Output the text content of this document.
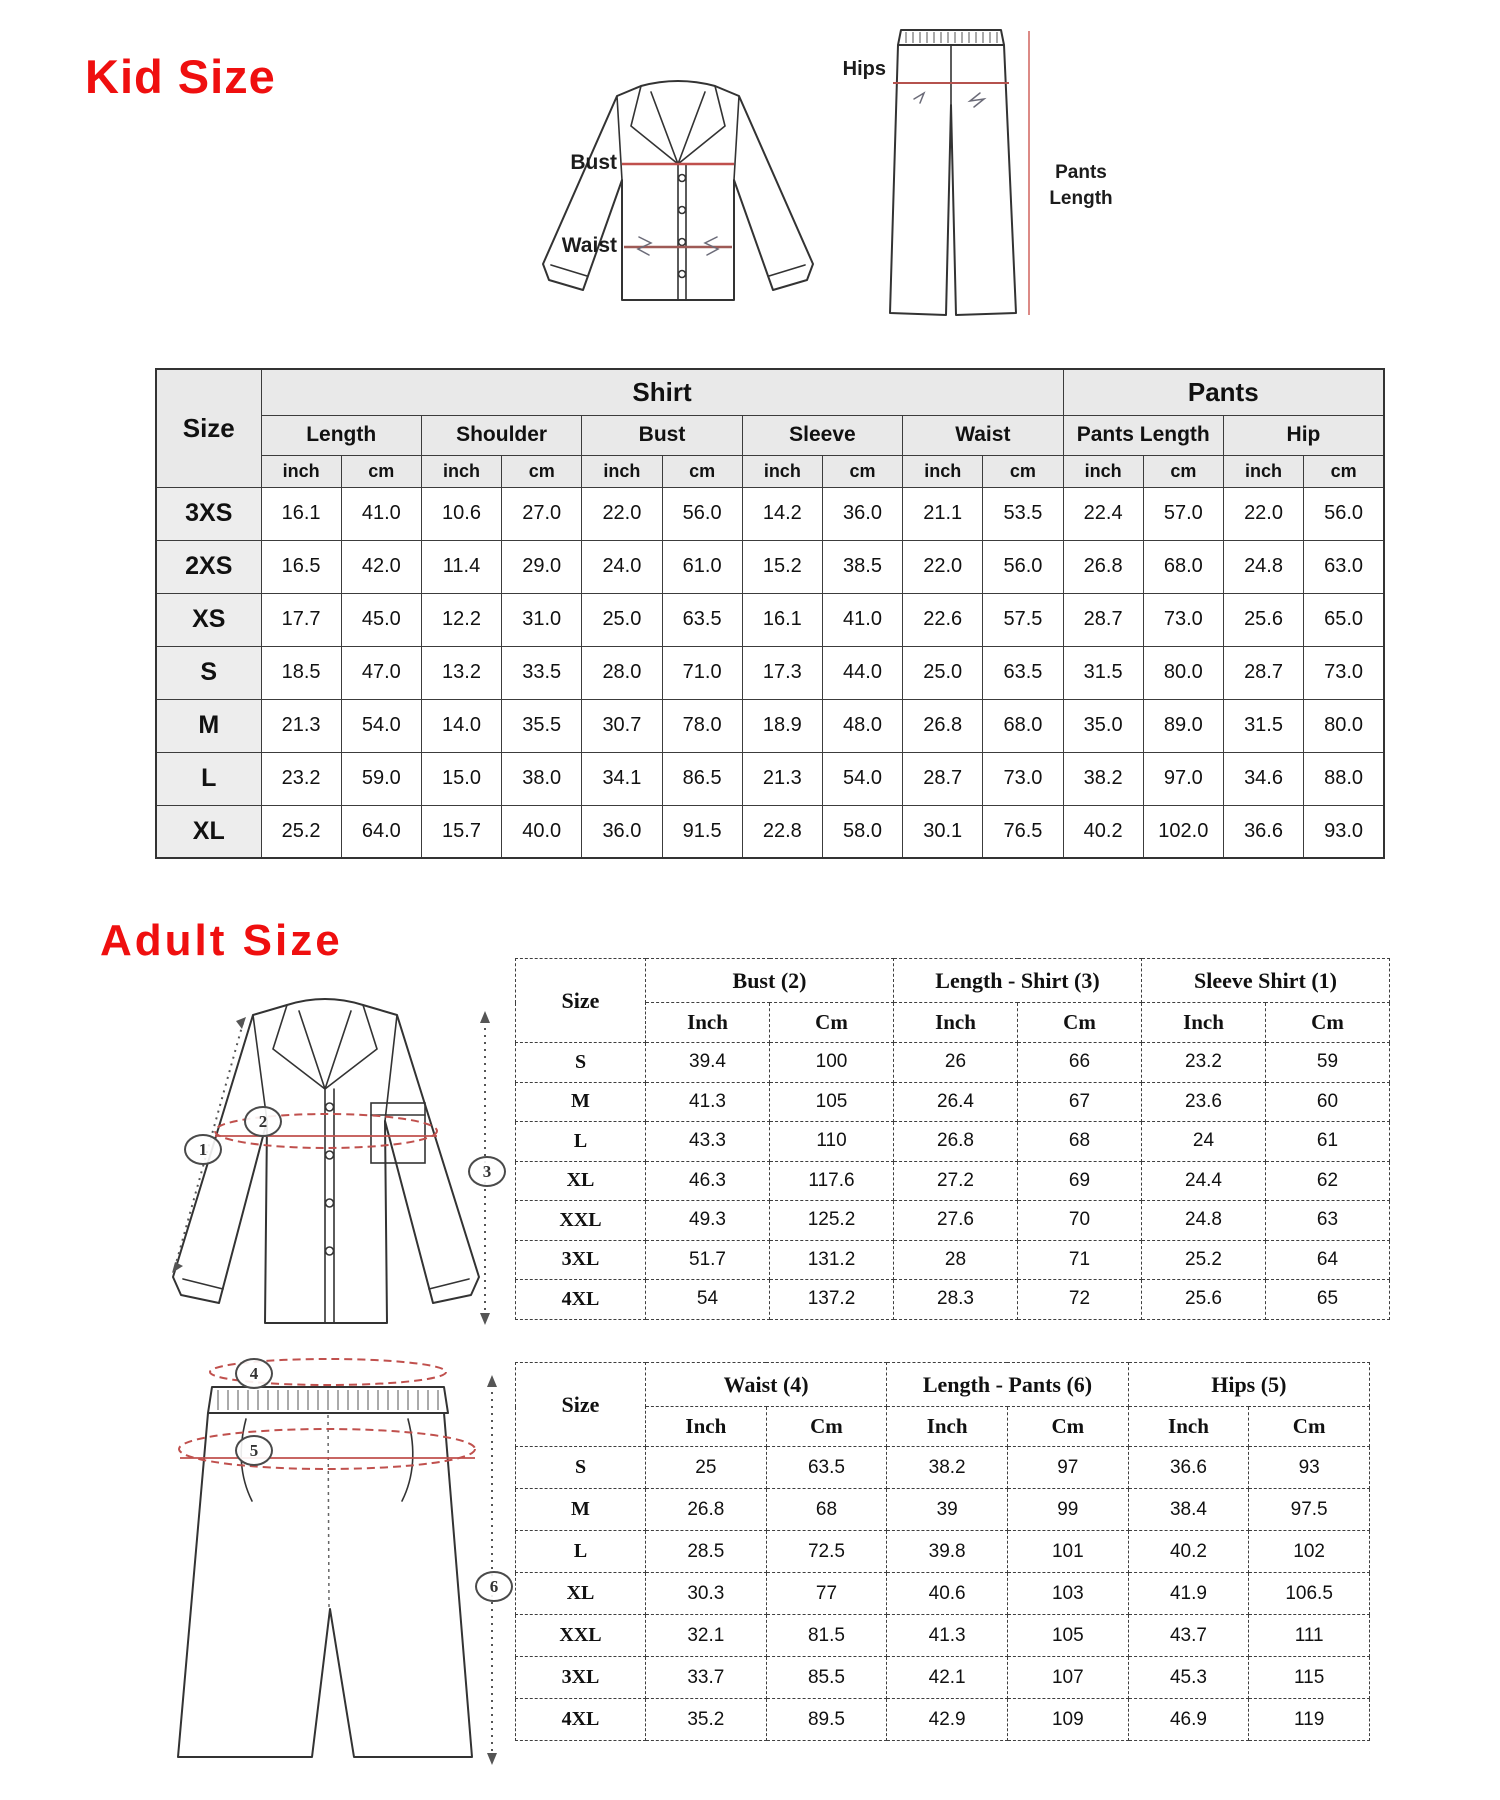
Kid Size
Bust
Waist
Hips
Pants Length
Size	Shirt										Pants			
	Length		Shoulder		Bust		Sleeve		Waist		Pants Length		Hip	
	inch	cm	inch	cm	inch	cm	inch	cm	inch	cm	inch	cm	inch	cm
3XS	16.1	41.0	10.6	27.0	22.0	56.0	14.2	36.0	21.1	53.5	22.4	57.0	22.0	56.0
2XS	16.5	42.0	11.4	29.0	24.0	61.0	15.2	38.5	22.0	56.0	26.8	68.0	24.8	63.0
XS	17.7	45.0	12.2	31.0	25.0	63.5	16.1	41.0	22.6	57.5	28.7	73.0	25.6	65.0
S	18.5	47.0	13.2	33.5	28.0	71.0	17.3	44.0	25.0	63.5	31.5	80.0	28.7	73.0
M	21.3	54.0	14.0	35.5	30.7	78.0	18.9	48.0	26.8	68.0	35.0	89.0	31.5	80.0
L	23.2	59.0	15.0	38.0	34.1	86.5	21.3	54.0	28.7	73.0	38.2	97.0	34.6	88.0
XL	25.2	64.0	15.7	40.0	36.0	91.5	22.8	58.0	30.1	76.5	40.2	102.0	36.6	93.0
Adult Size
1
2
3
4
5
6
Size	Bust (2)		Length - Shirt (3)		Sleeve Shirt (1)	
	Inch	Cm	Inch	Cm	Inch	Cm
S	39.4	100	26	66	23.2	59
M	41.3	105	26.4	67	23.6	60
L	43.3	110	26.8	68	24	61
XL	46.3	117.6	27.2	69	24.4	62
XXL	49.3	125.2	27.6	70	24.8	63
3XL	51.7	131.2	28	71	25.2	64
4XL	54	137.2	28.3	72	25.6	65
Size	Waist (4)		Length - Pants (6)		Hips (5)	
	Inch	Cm	Inch	Cm	Inch	Cm
S	25	63.5	38.2	97	36.6	93
M	26.8	68	39	99	38.4	97.5
L	28.5	72.5	39.8	101	40.2	102
XL	30.3	77	40.6	103	41.9	106.5
XXL	32.1	81.5	41.3	105	43.7	111
3XL	33.7	85.5	42.1	107	45.3	115
4XL	35.2	89.5	42.9	109	46.9	119
